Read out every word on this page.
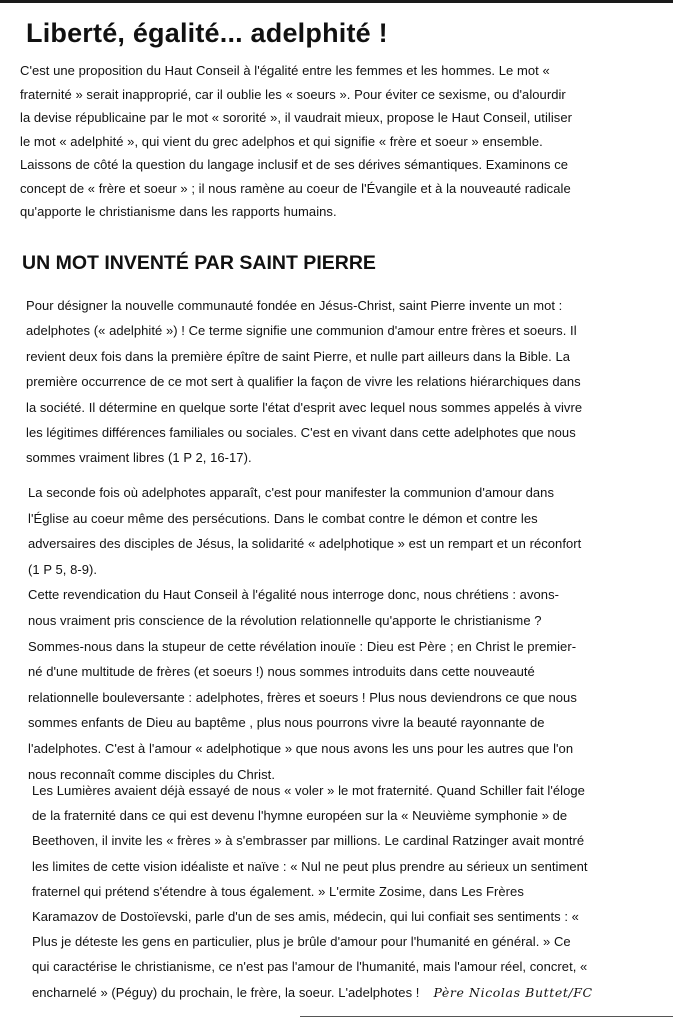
Liberté, égalité... adelphité !

C'est une proposition du Haut Conseil à l'égalité entre les femmes et les hommes. Le mot «
fraternité » serait inapproprié, car il oublie les « soeurs ». Pour éviter ce sexisme, ou d'alourdir
la devise républicaine par le mot « sororité », il vaudrait mieux, propose le Haut Conseil, utiliser
le mot « adelphité », qui vient du grec adelphos et qui signifie « frère et soeur » ensemble.
Laissons de côté la question du langage inclusif et de ses dérives sémantiques. Examinons ce
concept de « frère et soeur » ; il nous ramène au coeur de l'Évangile et à la nouveauté radicale
qu'apporte le christianisme dans les rapports humains.

UN MOT INVENTÉ PAR SAINT PIERRE

Pour désigner la nouvelle communauté fondée en Jésus-Christ, saint Pierre invente un mot :
adelphotes (« adelphité ») ! Ce terme signifie une communion d'amour entre frères et soeurs. Il
revient deux fois dans la première épître de saint Pierre, et nulle part ailleurs dans la Bible. La
première occurrence de ce mot sert à qualifier la façon de vivre les relations hiérarchiques dans
la société. Il détermine en quelque sorte l'état d'esprit avec lequel nous sommes appelés à vivre
les légitimes différences familiales ou sociales. C'est en vivant dans cette adelphotes que nous
sommes vraiment libres (1 P 2, 16-17).

La seconde fois où adelphotes apparaît, c'est pour manifester la communion d'amour dans
l'Église au coeur même des persécutions. Dans le combat contre le démon et contre les
adversaires des disciples de Jésus, la solidarité « adelphotique » est un rempart et un réconfort
(1 P 5, 8-9).
Cette revendication du Haut Conseil à l'égalité nous interroge donc, nous chrétiens : avons-
nous vraiment pris conscience de la révolution relationnelle qu'apporte le christianisme ?
Sommes-nous dans la stupeur de cette révélation inouïe : Dieu est Père ; en Christ le premier-
né d'une multitude de frères (et soeurs !) nous sommes introduits dans cette nouveauté
relationnelle bouleversante : adelphotes, frères et soeurs ! Plus nous deviendrons ce que nous
sommes enfants de Dieu au baptême , plus nous pourrons vivre la beauté rayonnante de
l'adelphotes. C'est à l'amour « adelphotique » que nous avons les uns pour les autres que l'on
nous reconnaît comme disciples du Christ.

Les Lumières avaient déjà essayé de nous « voler » le mot fraternité. Quand Schiller fait l'éloge
de la fraternité dans ce qui est devenu l'hymne européen sur la « Neuvième symphonie » de
Beethoven, il invite les « frères » à s'embrasser par millions. Le cardinal Ratzinger avait montré
les limites de cette vision idéaliste et naïve : « Nul ne peut plus prendre au sérieux un sentiment
fraternel qui prétend s'étendre à tous également. » L'ermite Zosime, dans Les Frères
Karamazov de Dostoïevski, parle d'un de ses amis, médecin, qui lui confiait ses sentiments : «
Plus je déteste les gens en particulier, plus je brûle d'amour pour l'humanité en général. » Ce
qui caractérise le christianisme, ce n'est pas l'amour de l'humanité, mais l'amour réel, concret, «
encharnelé » (Péguy) du prochain, le frère, la soeur. L'adelphotes ! Père Nicolas Buttet/FC
